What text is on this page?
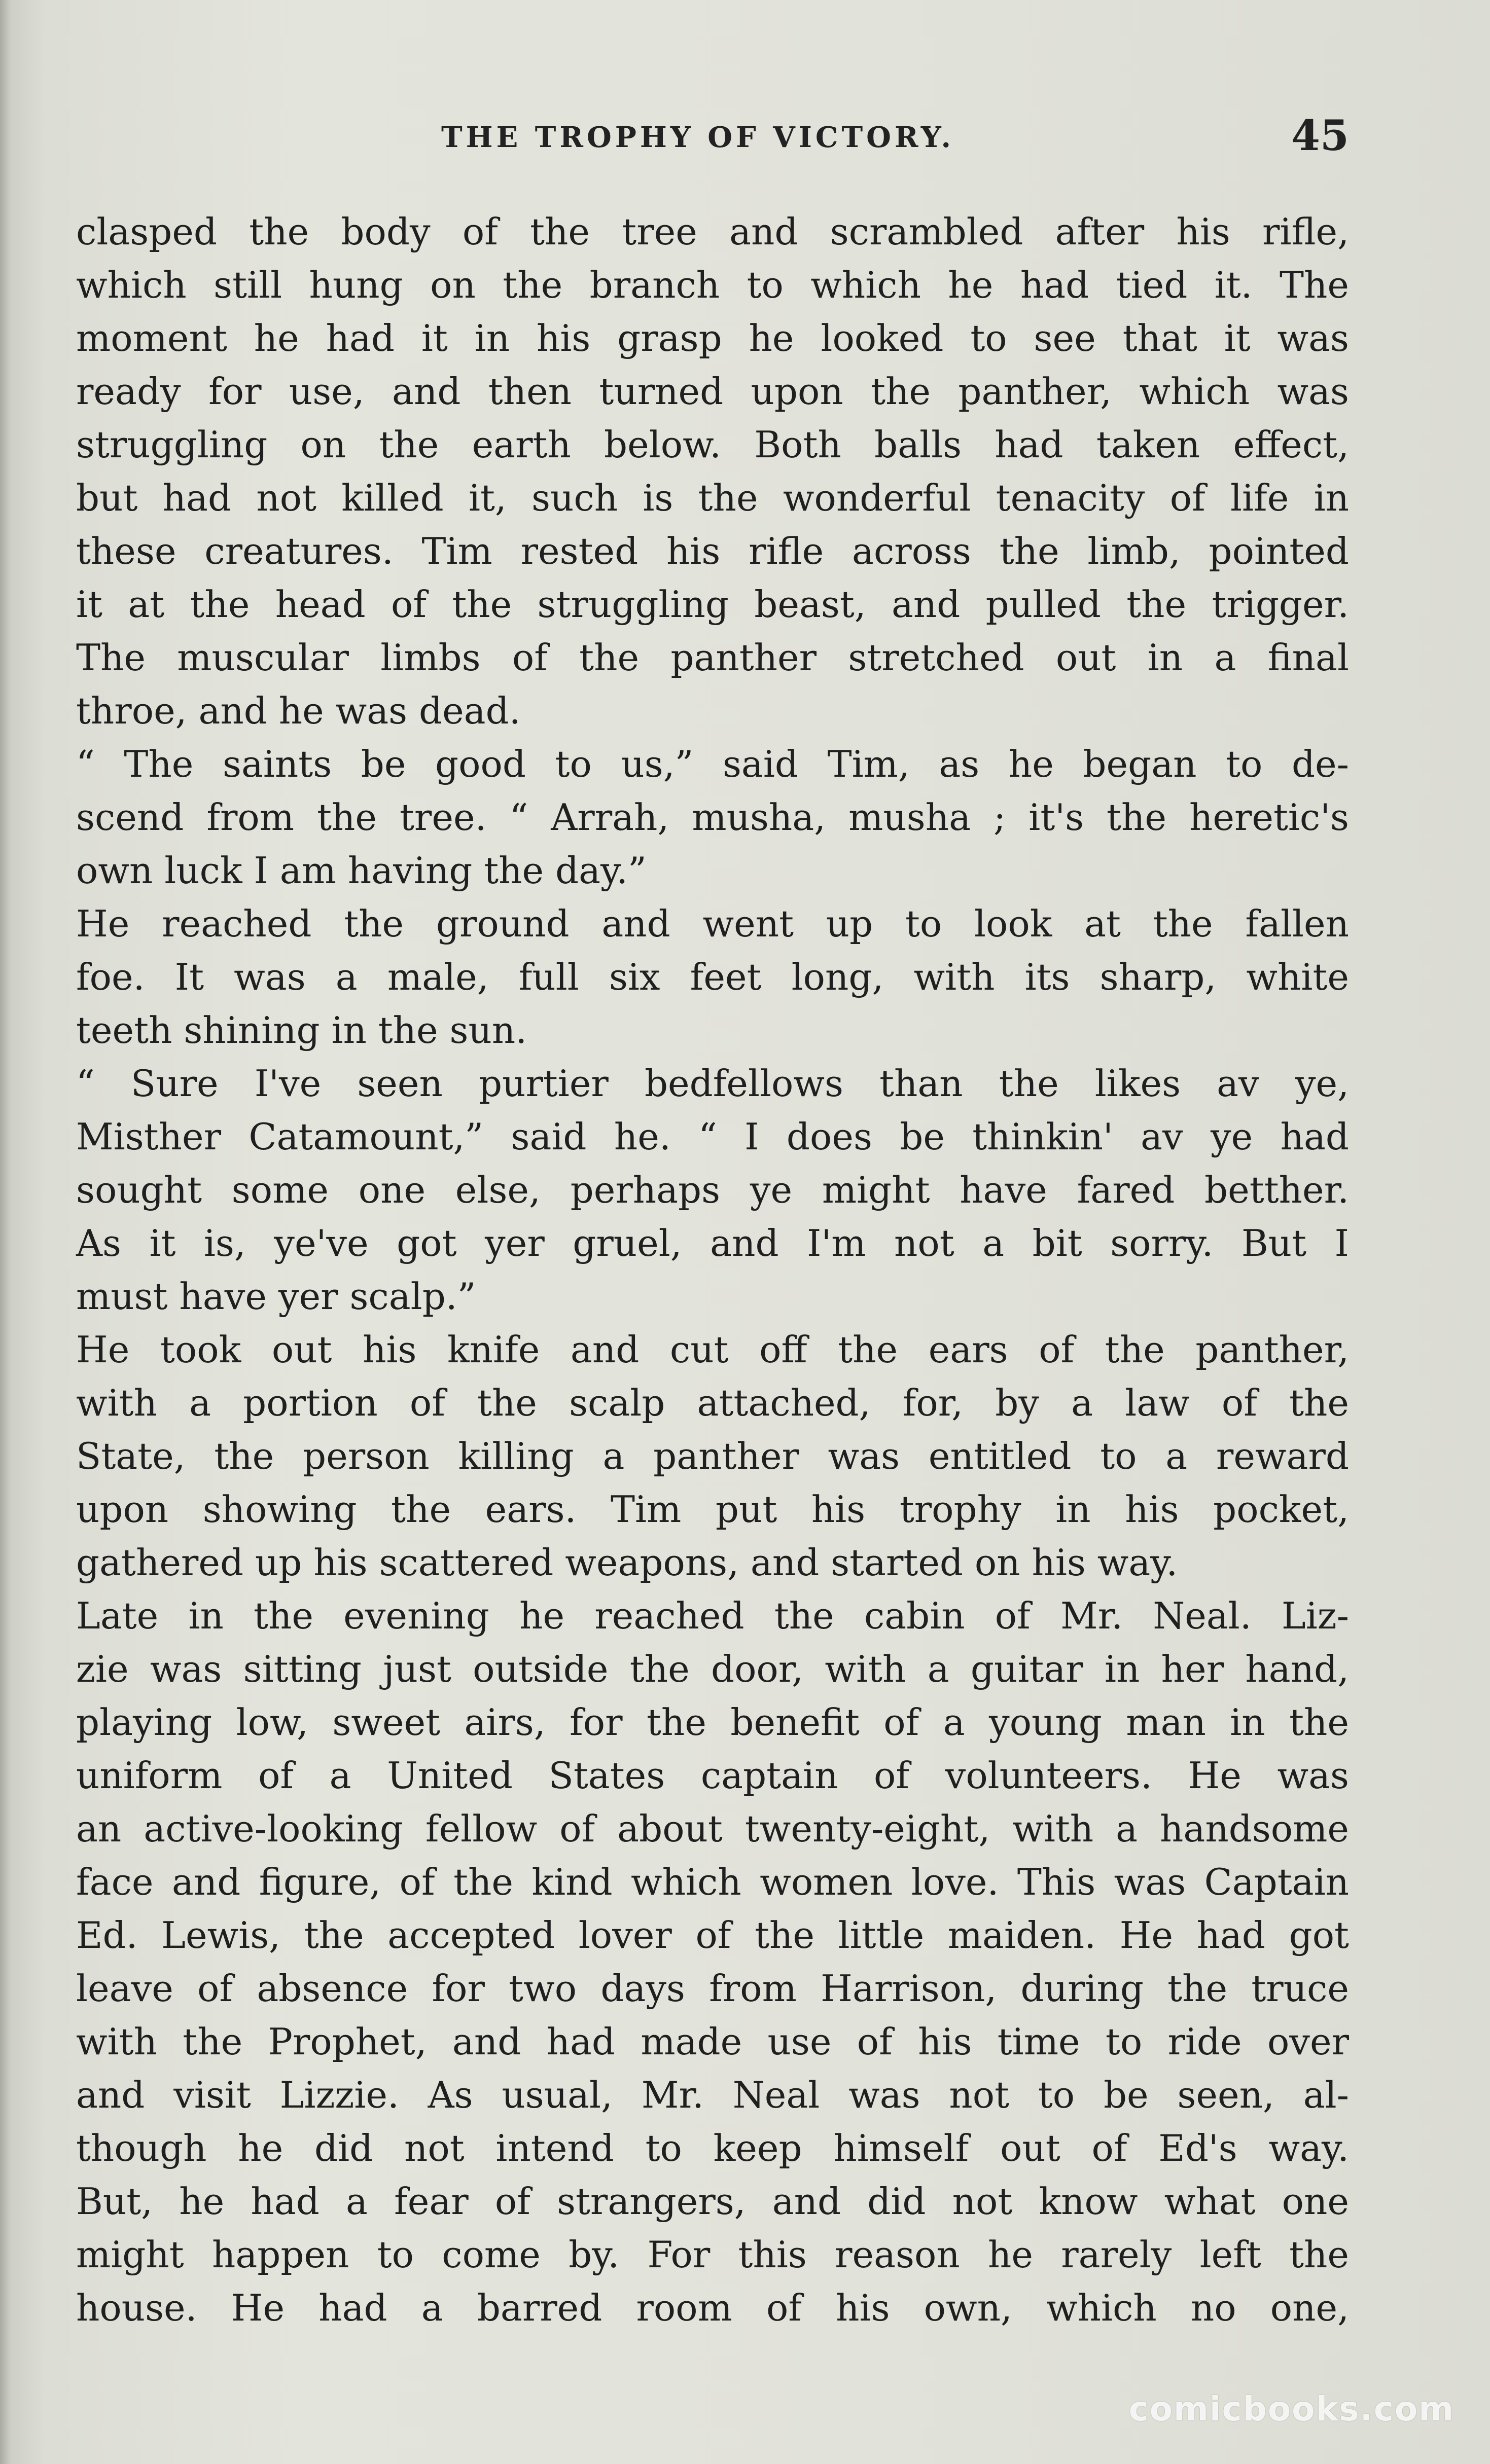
THE TROPHY OF VICTORY.	45
clasped the body of the tree and scrambled after his rifle,
which still hung on the branch to which he had tied it. The
moment he had it in his grasp he looked to see that it was
ready for use, and then turned upon the panther, which was
struggling on the earth below. Both balls had taken effect,
but had not killed it, such is the wonderful tenacity of life in
these creatures. Tim rested his rifle across the limb, pointed
it at the head of the struggling beast, and pulled the trigger.
The muscular limbs of the panther stretched out in a final
throe, and he was dead.
“ The saints be good to us,” said Tim, as he began to de-
scend from the tree. “ Arrah, musha, musha ; it's the heretic's
own luck I am having the day.”
He reached the ground and went up to look at the fallen
foe. It was a male, full six feet long, with its sharp, white
teeth shining in the sun.
“ Sure I've seen purtier bedfellows than the likes av ye,
Misther Catamount,” said he. “ I does be thinkin' av ye had
sought some one else, perhaps ye might have fared betther.
As it is, ye've got yer gruel, and I'm not a bit sorry. But I
must have yer scalp.”
He took out his knife and cut off the ears of the panther,
with a portion of the scalp attached, for, by a law of the
State, the person killing a panther was entitled to a reward
upon showing the ears. Tim put his trophy in his pocket,
gathered up his scattered weapons, and started on his way.
Late in the evening he reached the cabin of Mr. Neal. Liz-
zie was sitting just outside the door, with a guitar in her hand,
playing low, sweet airs, for the benefit of a young man in the
uniform of a United States captain of volunteers. He was
an active-looking fellow of about twenty-eight, with a handsome
face and figure, of the kind which women love. This was Captain
Ed. Lewis, the accepted lover of the little maiden. He had got
leave of absence for two days from Harrison, during the truce
with the Prophet, and had made use of his time to ride over
and visit Lizzie. As usual, Mr. Neal was not to be seen, al-
though he did not intend to keep himself out of Ed's way.
But, he had a fear of strangers, and did not know what one
might happen to come by. For this reason he rarely left the
house. He had a barred room of his own, which no one,
comicbooks.com
